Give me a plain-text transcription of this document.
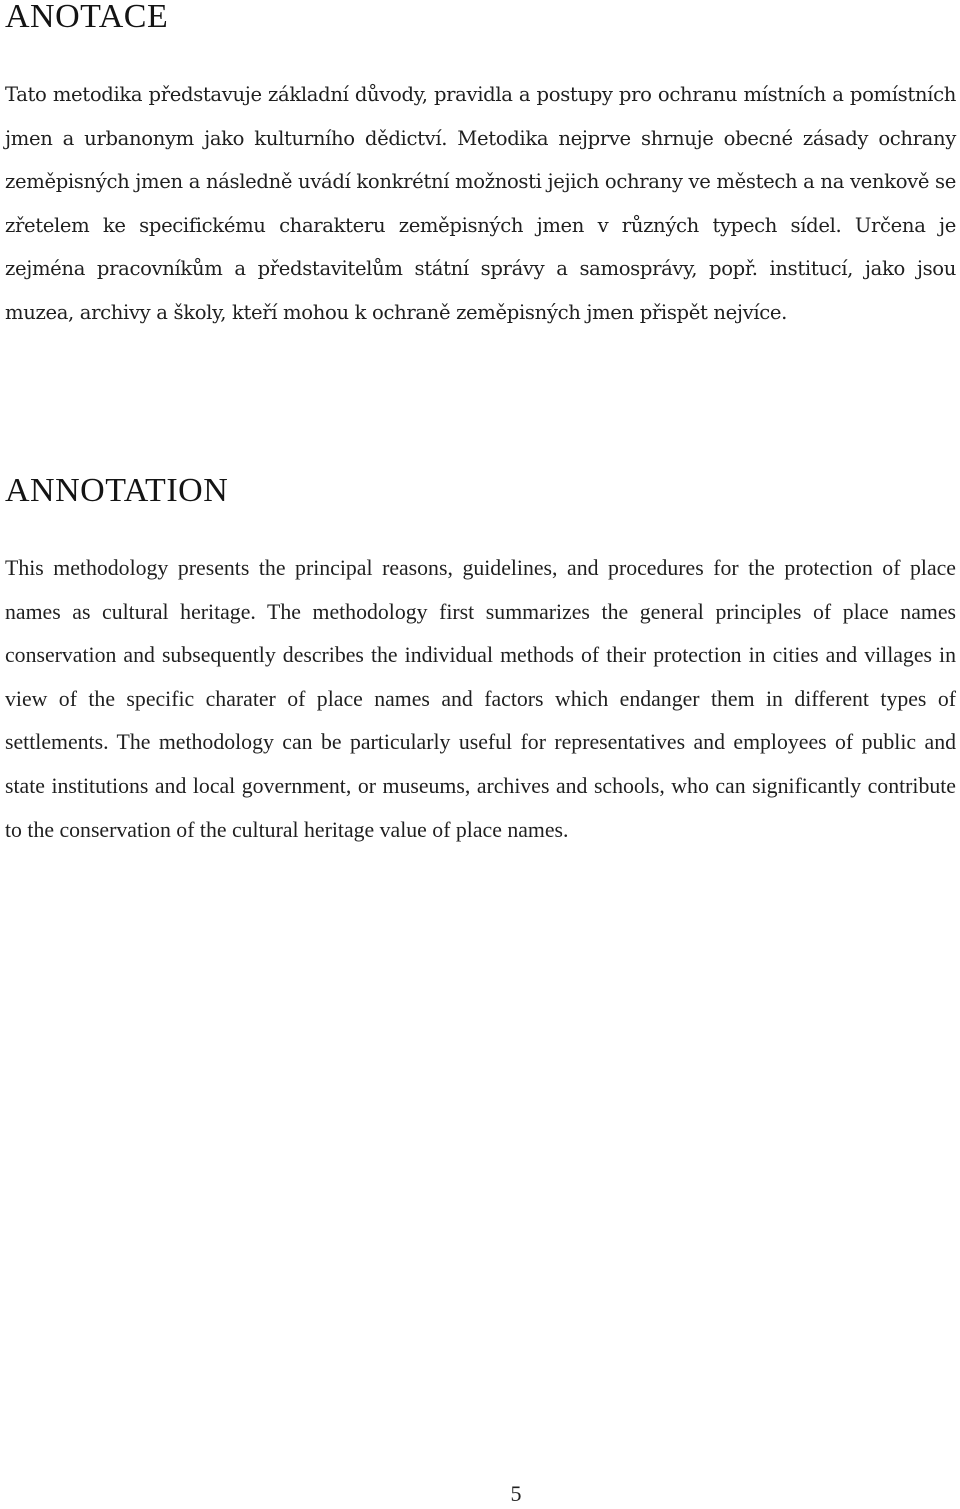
ANOTACE

Tato metodika představuje základní důvody, pravidla a postupy pro ochranu místních a pomístních jmen a urbanonym jako kulturního dědictví. Metodika nejprve shrnuje obecné zásady ochrany zeměpisných jmen a následně uvádí konkrétní možnosti jejich ochrany ve městech a na venkově se zřetelem ke specifickému charakteru zeměpisných jmen v různých typech sídel. Určena je zejména pracovníkům a představitelům státní správy a samosprávy, popř. institucí, jako jsou muzea, archivy a školy, kteří mohou k ochraně zeměpisných jmen přispět nejvíce.

ANNOTATION

This methodology presents the principal reasons, guidelines, and procedures for the protection of place names as cultural heritage. The methodology first summarizes the general principles of place names conservation and subsequently describes the individual methods of their protection in cities and villages in view of the specific charater of place names and factors which endanger them in different types of settlements. The methodology can be particularly useful for representatives and employees of public and state institutions and local government, or museums, archives and schools, who can significantly contribute to the conservation of the cultural heritage value of place names.

5
